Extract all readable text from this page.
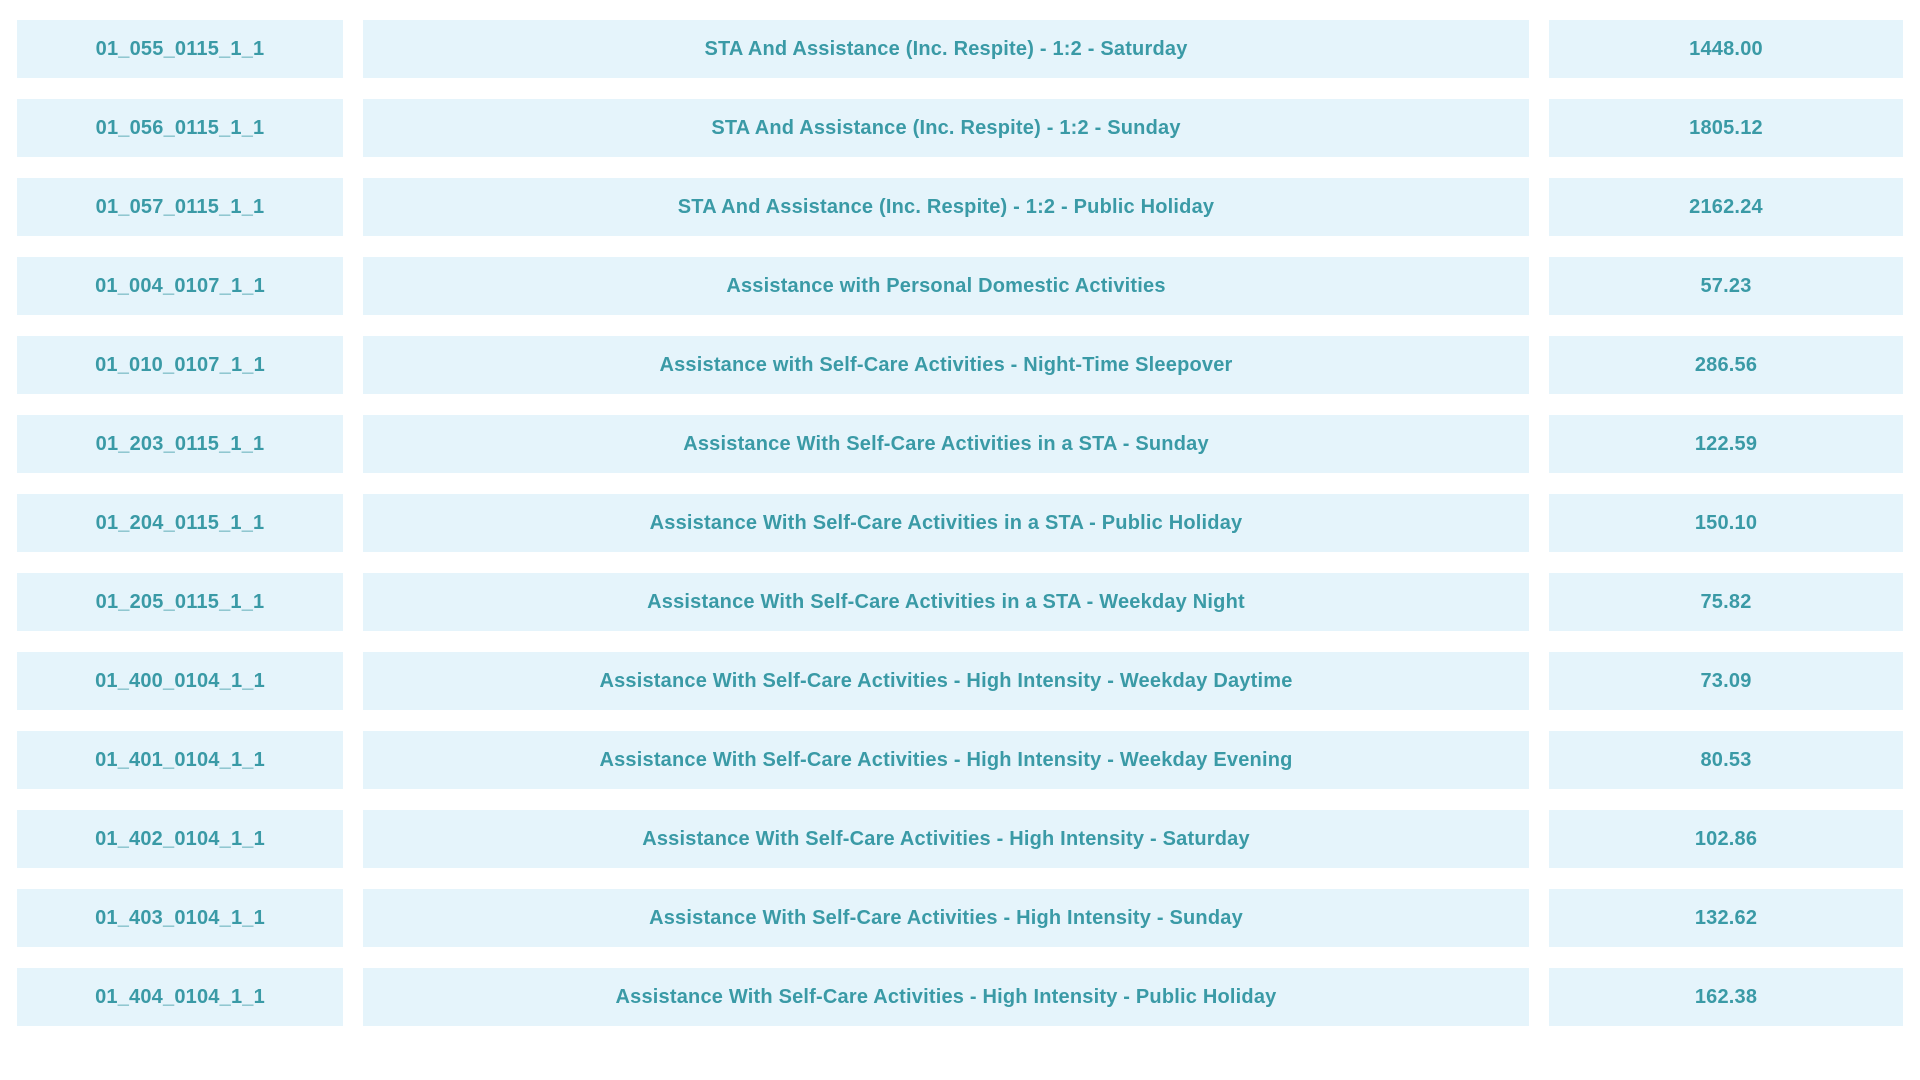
01_055_0115_1_1	STA And Assistance (Inc. Respite) - 1:2 - Saturday	1448.00
01_056_0115_1_1	STA And Assistance (Inc. Respite) - 1:2 - Sunday	1805.12
01_057_0115_1_1	STA And Assistance (Inc. Respite) - 1:2 - Public Holiday	2162.24
01_004_0107_1_1	Assistance with Personal Domestic Activities	57.23
01_010_0107_1_1	Assistance with Self-Care Activities - Night-Time Sleepover	286.56
01_203_0115_1_1	Assistance With Self-Care Activities in a STA - Sunday	122.59
01_204_0115_1_1	Assistance With Self-Care Activities in a STA - Public Holiday	150.10
01_205_0115_1_1	Assistance With Self-Care Activities in a STA - Weekday Night	75.82
01_400_0104_1_1	Assistance With Self-Care Activities - High Intensity - Weekday Daytime	73.09
01_401_0104_1_1	Assistance With Self-Care Activities - High Intensity - Weekday Evening	80.53
01_402_0104_1_1	Assistance With Self-Care Activities - High Intensity - Saturday	102.86
01_403_0104_1_1	Assistance With Self-Care Activities - High Intensity - Sunday	132.62
01_404_0104_1_1	Assistance With Self-Care Activities - High Intensity - Public Holiday	162.38
